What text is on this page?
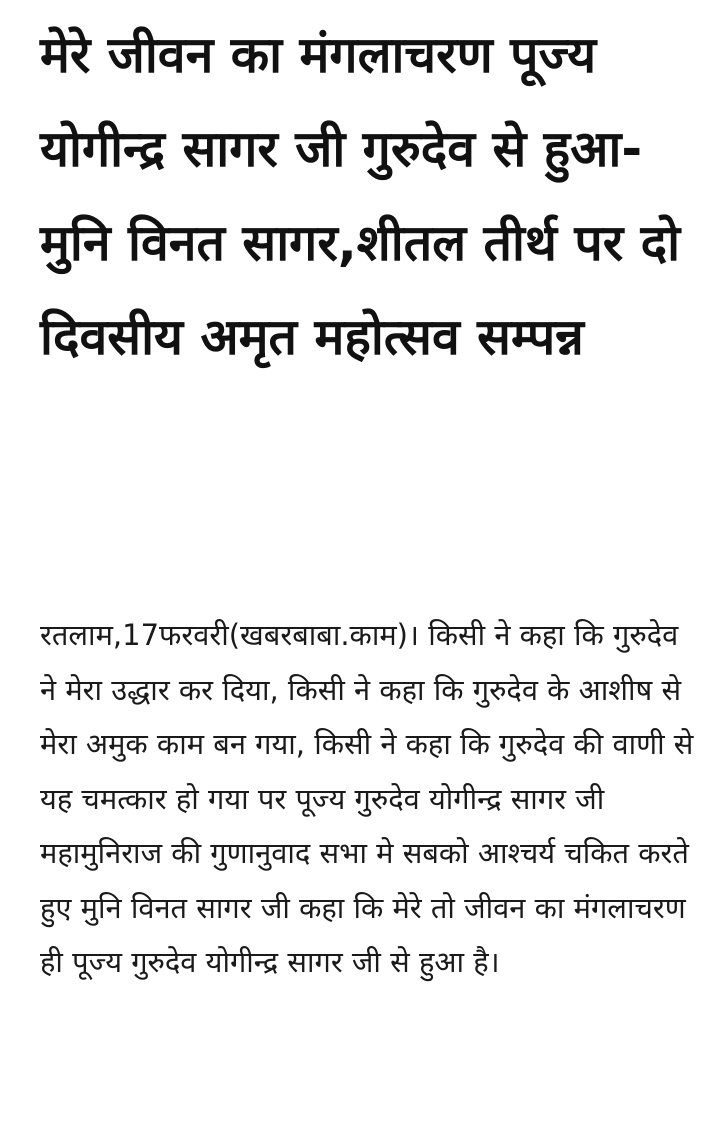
मेरे जीवन का मंगलाचरण पूज्य योगीन्द्र सागर जी गुरुदेव से हुआ- मुनि विनत सागर,शीतल तीर्थ पर दो दिवसीय अमृत महोत्सव सम्पन्न

रतलाम,17फरवरी(खबरबाबा.काम)। किसी ने कहा कि गुरुदेव ने मेरा उद्धार कर दिया, किसी ने कहा कि गुरुदेव के आशीष से मेरा अमुक काम बन गया, किसी ने कहा कि गुरुदेव की वाणी से यह चमत्कार हो गया पर पूज्य गुरुदेव योगीन्द्र सागर जी महामुनिराज की गुणानुवाद सभा मे सबको आश्चर्य चकित करते हुए मुनि विनत सागर जी कहा कि मेरे तो जीवन का मंगलाचरण ही पूज्य गुरुदेव योगीन्द्र सागर जी से हुआ है।
